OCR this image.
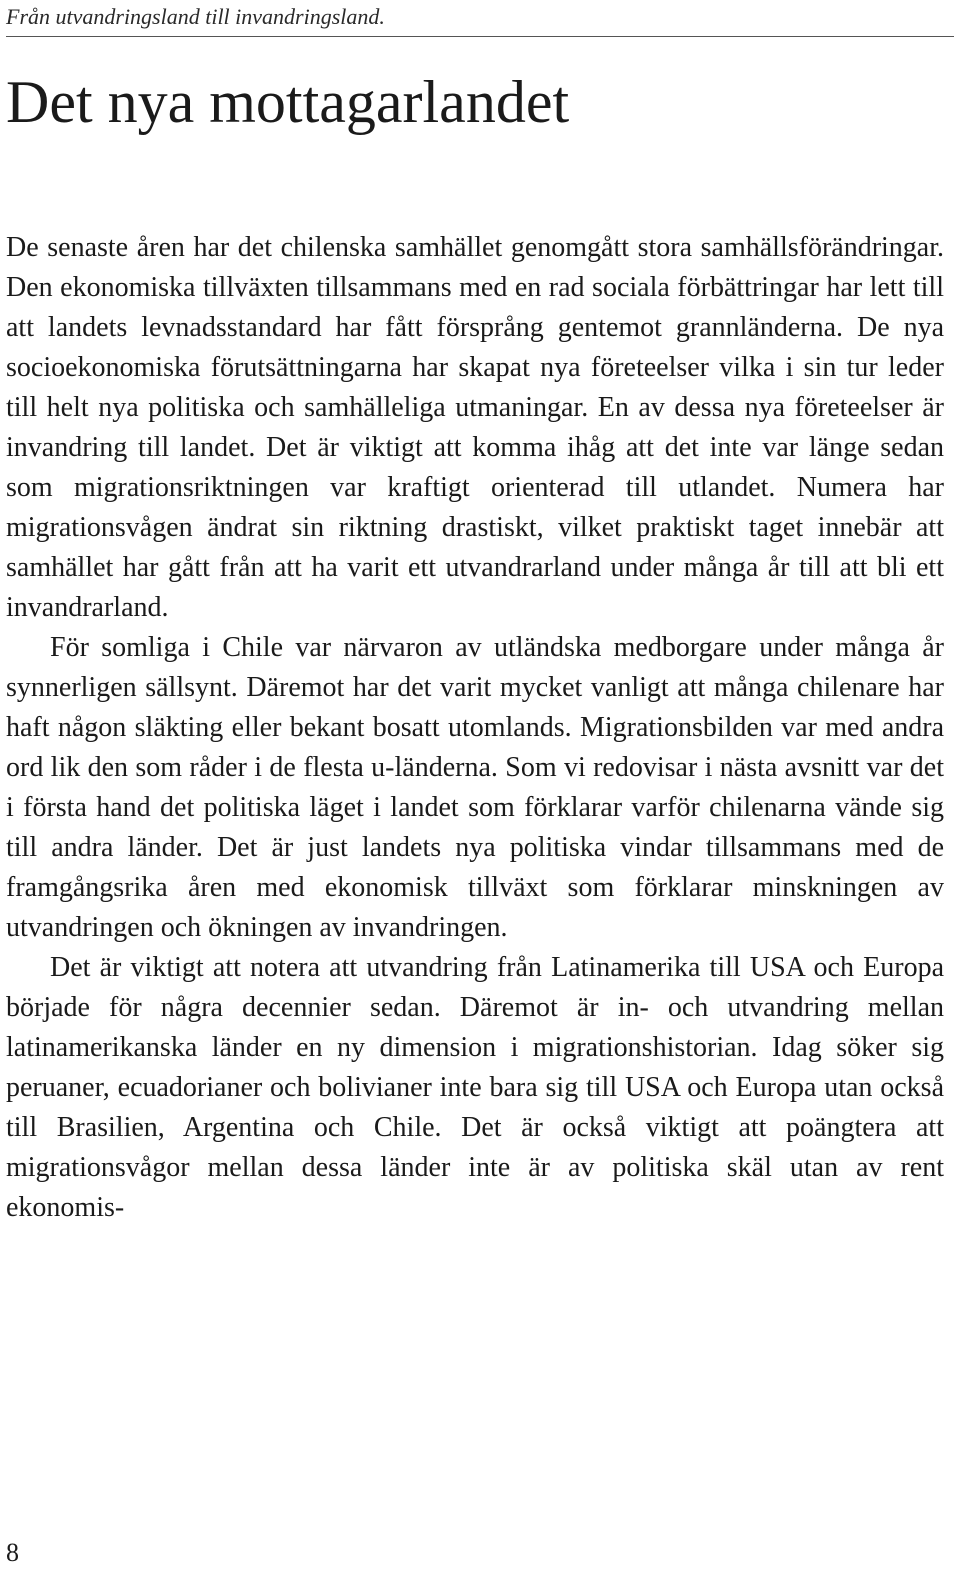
Från utvandringsland till invandringsland.
Det nya mottagarlandet

De senaste åren har det chilenska samhället genomgått stora samhällsförändringar. Den ekonomiska tillväxten tillsammans med en rad sociala förbättringar har lett till att landets levnadsstandard har fått försprång gentemot grannländerna. De nya socioekonomiska förutsättningarna har skapat nya företeelser vilka i sin tur leder till helt nya politiska och samhälleliga utmaningar. En av dessa nya företeelser är invandring till landet. Det är viktigt att komma ihåg att det inte var länge sedan som migrationsriktningen var kraftigt orienterad till utlandet. Numera har migrationsvågen ändrat sin riktning drastiskt, vilket praktiskt taget innebär att samhället har gått från att ha varit ett utvandrarland under många år till att bli ett invandrarland.

För somliga i Chile var närvaron av utländska medborgare under många år synnerligen sällsynt. Däremot har det varit mycket vanligt att många chilenare har haft någon släkting eller bekant bosatt utomlands. Migrationsbilden var med andra ord lik den som råder i de flesta u-länderna. Som vi redovisar i nästa avsnitt var det i första hand det politiska läget i landet som förklarar varför chilenarna vände sig till andra länder. Det är just landets nya politiska vindar tillsammans med de framgångsrika åren med ekonomisk tillväxt som förklarar minskningen av utvandringen och ökningen av invandringen.

Det är viktigt att notera att utvandring från Latinamerika till USA och Europa började för några decennier sedan. Däremot är in- och utvandring mellan latinamerikanska länder en ny dimension i migrationshistorian. Idag söker sig peruaner, ecuadorianer och bolivianer inte bara sig till USA och Europa utan också till Brasilien, Argentina och Chile. Det är också viktigt att poängtera att migrationsvågor mellan dessa länder inte är av politiska skäl utan av rent ekonomis-

8
